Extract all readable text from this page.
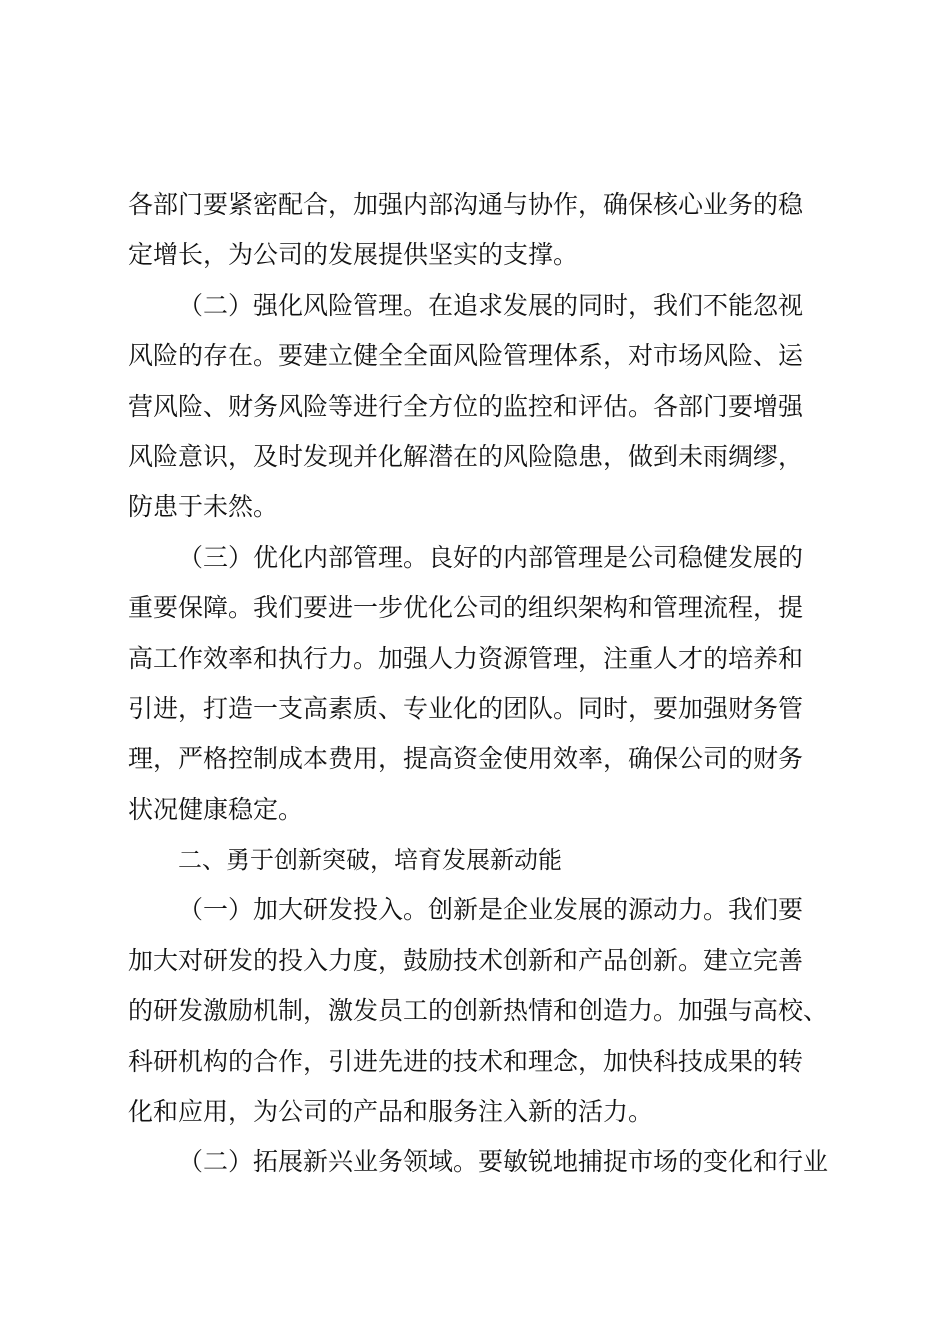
各部门要紧密配合，加强内部沟通与协作，确保核心业务的稳
定增长，为公司的发展提供坚实的支撑。
（二）强化风险管理。在追求发展的同时，我们不能忽视
风险的存在。要建立健全全面风险管理体系，对市场风险、运
营风险、财务风险等进行全方位的监控和评估。各部门要增强
风险意识，及时发现并化解潜在的风险隐患，做到未雨绸缪，
防患于未然。
（三）优化内部管理。良好的内部管理是公司稳健发展的
重要保障。我们要进一步优化公司的组织架构和管理流程，提
高工作效率和执行力。加强人力资源管理，注重人才的培养和
引进，打造一支高素质、专业化的团队。同时，要加强财务管
理，严格控制成本费用，提高资金使用效率，确保公司的财务
状况健康稳定。
二、勇于创新突破，培育发展新动能
（一）加大研发投入。创新是企业发展的源动力。我们要
加大对研发的投入力度，鼓励技术创新和产品创新。建立完善
的研发激励机制，激发员工的创新热情和创造力。加强与高校、
科研机构的合作，引进先进的技术和理念，加快科技成果的转
化和应用，为公司的产品和服务注入新的活力。
（二）拓展新兴业务领域。要敏锐地捕捉市场的变化和行业
